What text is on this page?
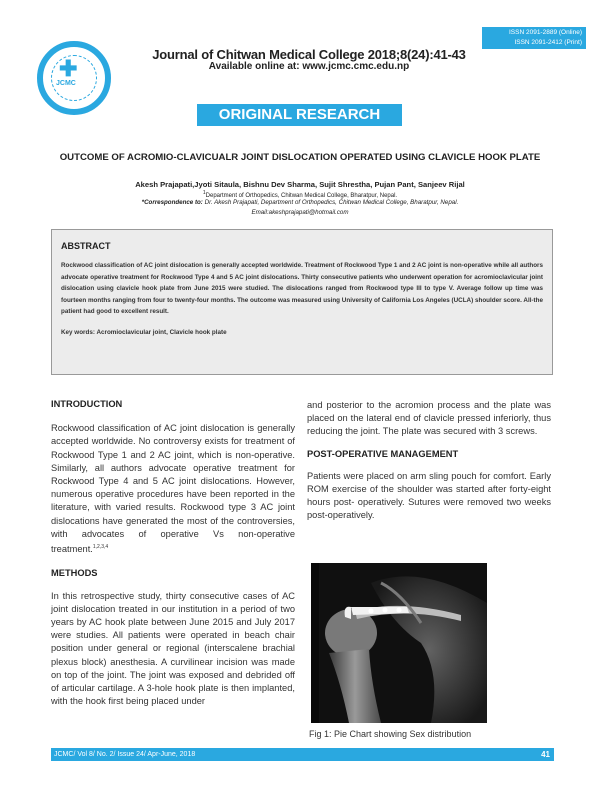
ISSN 2091-2889 (Online)
ISSN 2091-2412 (Print)
✚
JCMC
Journal of Chitwan Medical College 2018;8(24):41-43
Available online at: www.jcmc.cmc.edu.np
ORIGINAL RESEARCH ARTICLE
OUTCOME OF ACROMIO-CLAVICUALR JOINT DISLOCATION OPERATED USING CLAVICLE HOOK PLATE
Akesh Prajapati,Jyoti Sitaula, Bishnu Dev Sharma, Sujit Shrestha, Pujan Pant, Sanjeev Rijal
$^1$Department of Orthopedics, Chitwan Medical College, Bharatpur, Nepal.
*Correspondence to: Dr. Akesh Prajapati, Department of Orthopedics, Chitwan Medical College, Bharatpur, Nepal.
Email:akeshprajapati@hotmail.com
ABSTRACT
Rockwood classification of AC joint dislocation is generally accepted worldwide. Treatment of Rockwood Type 1 and 2 AC joint is non-operative while all authors advocate operative treatment for Rockwood Type 4 and 5 AC joint dislocations. Thirty consecutive patients who underwent operation for acromioclavicular joint dislocation using clavicle hook plate from June 2015 were studied. The dislocations ranged from Rockwood type III to type V. Average follow up time was fourteen months ranging from four to twenty-four months. The outcome was measured using University of California Los Angeles (UCLA) shoulder score. All-the patient had good to excellent result.
Key words: Acromioclavicular joint, Clavicle hook plate
INTRODUCTION
Rockwood classification of AC joint dislocation is generally accepted worldwide. No controversy exists for treatment of Rockwood Type 1 and 2 AC joint, which is non-operative. Similarly, all authors advocate operative treatment for Rockwood Type 4 and 5 AC joint dislocations. However, numerous operative procedures have been reported in the literature, with varied results. Rockwood type 3 AC joint dislocations have generated the most of the controversies, with advocates of operative Vs non-operative treatment.$^{1,2,3,4}$
METHODS
In this retrospective study, thirty consecutive cases of AC joint dislocation treated in our institution in a period of two years by AC hook plate between June 2015 and July 2017 were studies. All patients were operated in beach chair position under general or regional (interscalene brachial plexus block) anesthesia. A curvilinear incision was made on top of the joint. The joint was exposed and debrided off of articular cartilage. A 3-hole hook plate is then implanted, with the hook first being placed under
and posterior to the acromion process and the plate was placed on the lateral end of clavicle pressed inferiorly, thus reducing the joint. The plate was secured with 3 screws.
POST-OPERATIVE MANAGEMENT
Patients were placed on arm sling pouch for comfort. Early ROM exercise of the shoulder was started after forty-eight hours post- operatively. Sutures were removed two weeks post-operatively.
Fig 1: Pie Chart showing Sex distribution
JCMC/ Vol 8/ No. 2/ Issue 24/ Apr-June, 2018	41
